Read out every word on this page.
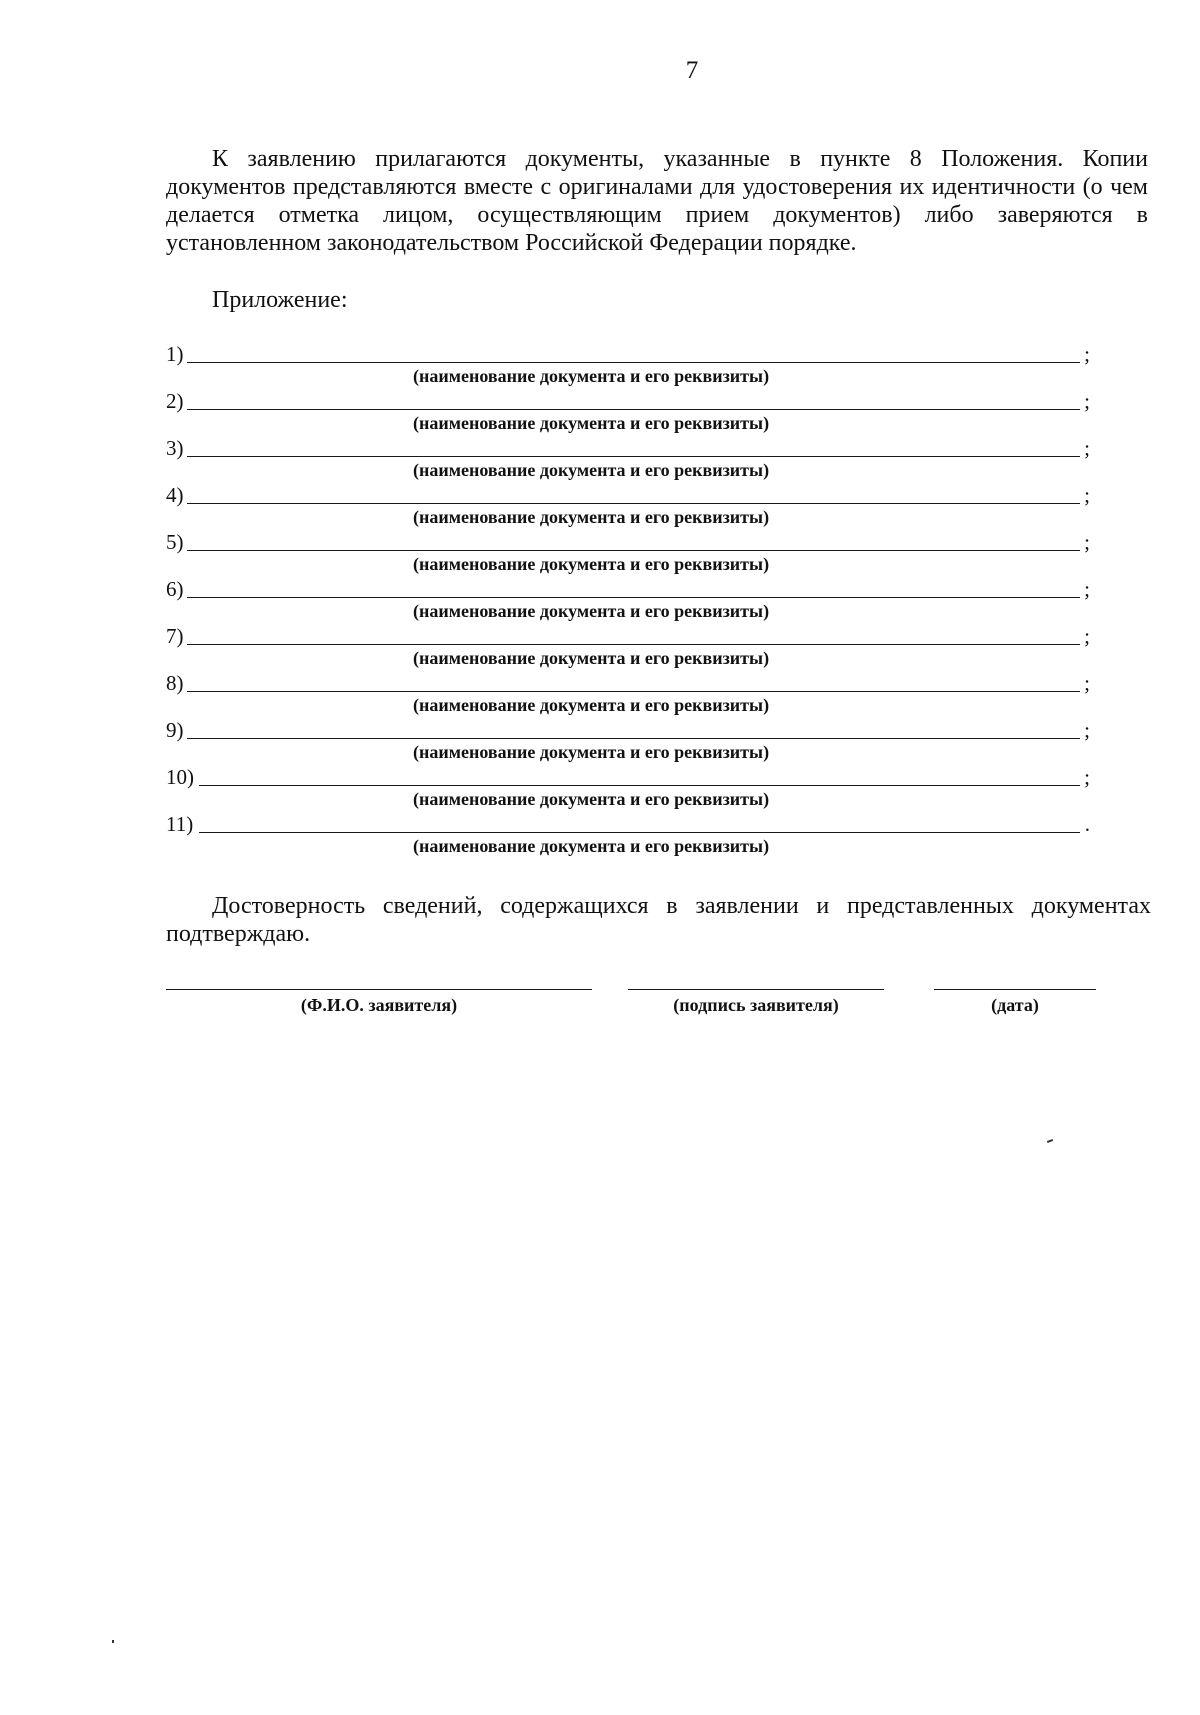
7

К заявлению прилагаются документы, указанные в пункте 8 Положения. Копии документов представляются вместе с оригиналами для удостоверения их идентичности (о чем делается отметка лицом, осуществляющим прием документов) либо заверяются в установленном законодательством Российской Федерации порядке.

Приложение:

1)	;
(наименование документа и его реквизиты)
2)	;
(наименование документа и его реквизиты)
3)	;
(наименование документа и его реквизиты)
4)	;
(наименование документа и его реквизиты)
5)	;
(наименование документа и его реквизиты)
6)	;
(наименование документа и его реквизиты)
7)	;
(наименование документа и его реквизиты)
8)	;
(наименование документа и его реквизиты)
9)	;
(наименование документа и его реквизиты)
10)	;
(наименование документа и его реквизиты)
11)	.
(наименование документа и его реквизиты)

Достоверность сведений, содержащихся в заявлении и представленных документах подтверждаю.

(Ф.И.О. заявителя)	(подпись заявителя)	(дата)
